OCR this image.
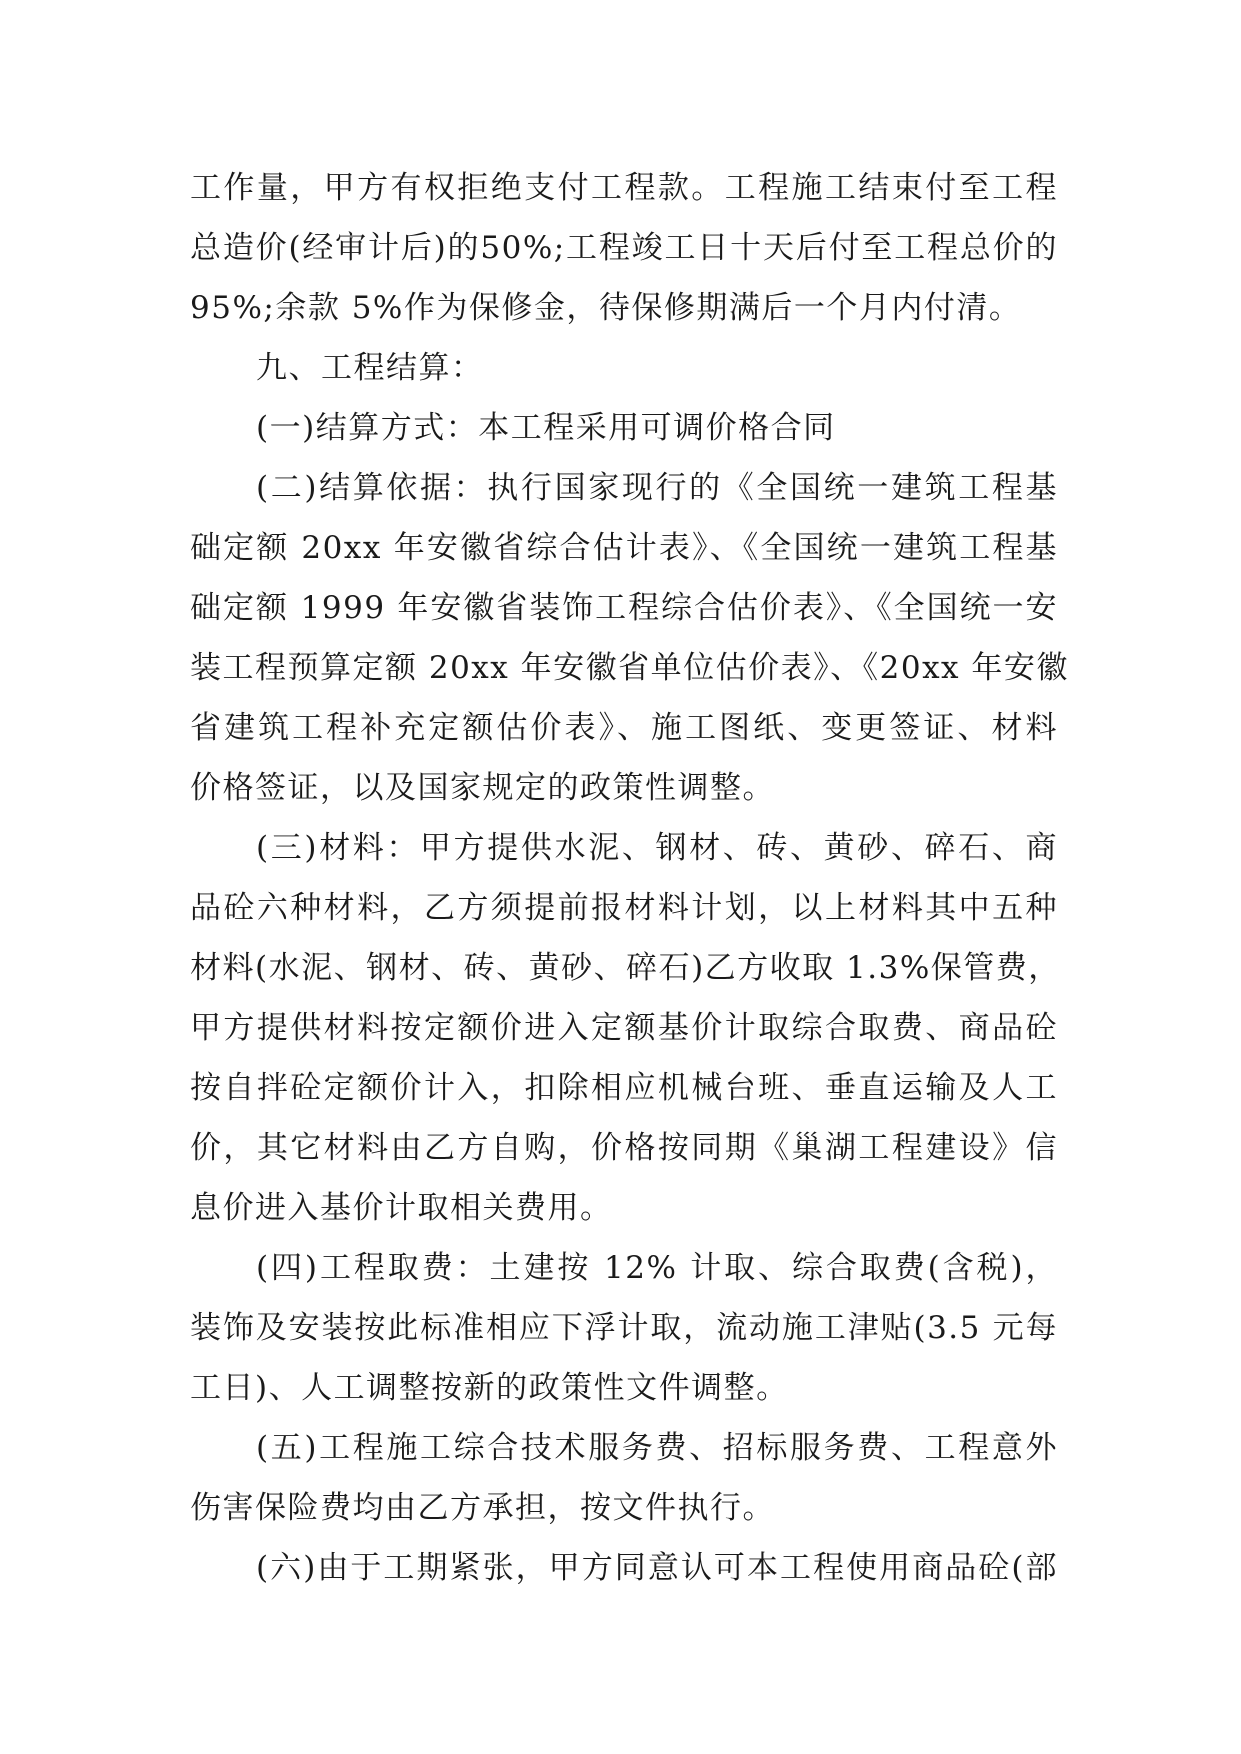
工作量，甲方有权拒绝支付工程款。工程施工结束付至工程
总造价(经审计后)的50%;工程竣工日十天后付至工程总价的
95%;余款 5%作为保修金，待保修期满后一个月内付清。
九、工程结算：
(一)结算方式：本工程采用可调价格合同
(二)结算依据：执行国家现行的《全国统一建筑工程基
础定额 20xx 年安徽省综合估计表》、《全国统一建筑工程基
础定额 1999 年安徽省装饰工程综合估价表》、《全国统一安
装工程预算定额 20xx 年安徽省单位估价表》、《20xx 年安徽
省建筑工程补充定额估价表》、施工图纸、变更签证、材料
价格签证，以及国家规定的政策性调整。
(三)材料：甲方提供水泥、钢材、砖、黄砂、碎石、商
品砼六种材料，乙方须提前报材料计划，以上材料其中五种
材料(水泥、钢材、砖、黄砂、碎石)乙方收取 1.3%保管费，
甲方提供材料按定额价进入定额基价计取综合取费、商品砼
按自拌砼定额价计入，扣除相应机械台班、垂直运输及人工
价，其它材料由乙方自购，价格按同期《巢湖工程建设》信
息价进入基价计取相关费用。
(四)工程取费：土建按 12% 计取、综合取费(含税)，
装饰及安装按此标准相应下浮计取，流动施工津贴(3.5 元每
工日)、人工调整按新的政策性文件调整。
(五)工程施工综合技术服务费、招标服务费、工程意外
伤害保险费均由乙方承担，按文件执行。
(六)由于工期紧张，甲方同意认可本工程使用商品砼(部
